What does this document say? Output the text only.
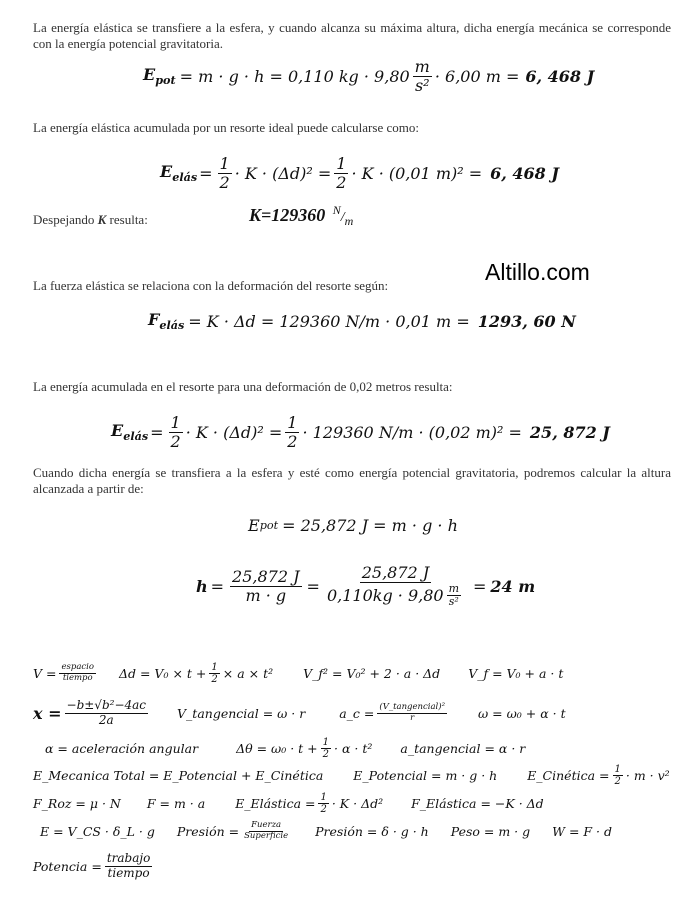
La energía elástica se transfiere a la esfera, y cuando alcanza su máxima altura, dicha energía mecánica se corresponde con la energía potencial gravitatoria.
$E_{pot} = m \cdot g \cdot h = 0,110$ kg · $9,80 \frac{m}{\text{s²}} \cdot 6,00$ m = 6, 468 J
La energía elástica acumulada por un resorte ideal puede calcularse como:
$E_{elás} = \frac{1}{2} \cdot K \cdot (\Delta d)^2 = \frac{1}{2} \cdot K \cdot (0,01$ m)² = 6, 468 J
Despejando K resulta:	K=129360 $^N/_m$
Altillo.com
La fuerza elástica se relaciona con la deformación del resorte según:
$F_{elás} = K \cdot \Delta d = 129360$ N/m · 0,01 m = 1293, 60 N
La energía acumulada en el resorte para una deformación de 0,02 metros resulta:
$E_{elás} = \frac{1}{2} \cdot K \cdot (\Delta d)^2 = \frac{1}{2} \cdot 129360$ N/m · (0,02 m)² = 25, 872 J
Cuando dicha energía se transfiera a la esfera y esté como energía potencial gravitatoria, podremos calcular la altura alcanzada a partir de:
E pot = 25,872 J = m · g · h
$h = \frac{25,872 J}{m \cdot g} = \frac{25,872 J}{0,110kg \cdot 9,80 \frac{m}{\text{s²}}} = 24$ m
$V = \frac{\text{espacio}}{\text{tiempo}}$ $\Delta d = V_0 \times t + \frac{1}{2} \times a \times t^2$ V_f² = V₀² + 2 · a · Δd V_f = V₀ + a · t
$x = \frac{\text{−b±√b²−4ac}}{2a}$ V_tangencial = ω · r	a_c = $\frac{\text{(V\_tangencial)²}}{r}$ ω = ω₀ + α · t
α = aceleración angular	$\Delta\theta = \omega_0 \cdot t + \frac{1}{2} \cdot \alpha \cdot t^2$ a_tangencial = α · r
E_Mecanica Total = E_Potencial + E_Cinética E_Potencial = m · g · h E_Cinética = $\frac{1}{2} \cdot m \cdot v^2$
F_Roz = μ · N F = m · a E_Elástica = $\frac{1}{2} \cdot K \cdot \Delta d^2$ F_Elástica = −K · Δd
E = V_CS · δ_L · g Presión = $\frac{\text{Fuerza}}{\text{Superficie}}$ Presión = δ · g · h Peso = m · g W = F · d
Potencia = $\frac{\text{trabajo}}{\text{tiempo}}$
